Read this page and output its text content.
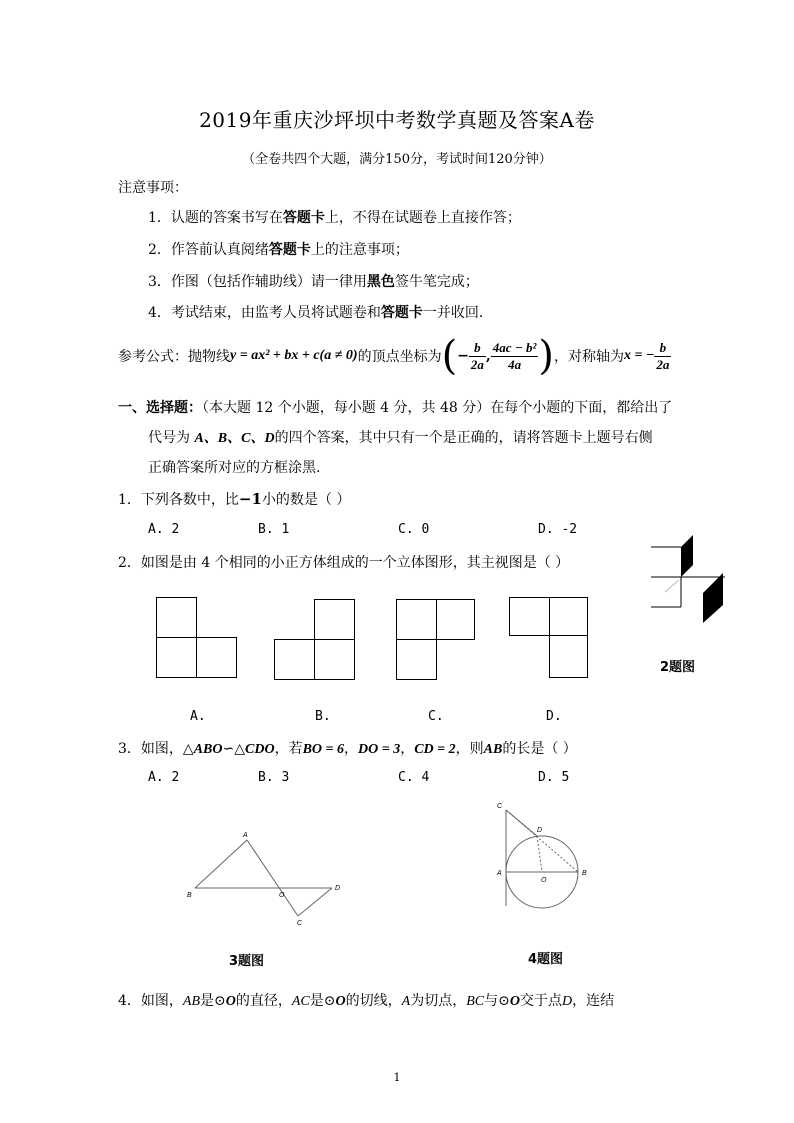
2019年重庆沙坪坝中考数学真题及答案A卷
（全卷共四个大题，满分150分，考试时间120分钟）
注意事项：
1．认题的答案书写在答题卡上，不得在试题卷上直接作答；
2．作答前认真阅绪答题卡上的注意事项；
3．作图（包括作辅助线）请一律用黑色签牛笔完成；
4．考试结束，由监考人员将试题卷和答题卡一并收回.
参考公式：抛物线 y = ax² + bx + c(a ≠ 0) 的顶点坐标为 ( − $\frac{b}{2a}$ , $\frac{\text{4ac − b²}}{4a}$ ) ，对称轴为 x = − $\frac{b}{2a}$
一、选择题：（本大题 12 个小题，每小题 4 分，共 48 分）在每个小题的下面，都给出了
代号为 A、B、C、D的四个答案，其中只有一个是正确的，请将答题卡上题号右侧
正确答案所对应的方框涂黑.
1．下列各数中，比−1小的数是（ ）
A. 2	B. 1	C. 0	D. -2
2．如图是由 4 个相同的小正方体组成的一个立体图形，其主视图是（ ）
2题图
A.	B.	C.	D.
3．如图，△ABO∽△CDO，若BO = 6，DO = 3，CD = 2，则AB的长是（ ）
A. 2	B. 3	C. 4	D. 5
A
B	O
D
C
3题图
C
D
A
O
B
4题图
4．如图，AB是⊙O的直径，AC是⊙O的切线，A为切点，BC与⊙O交于点D，连结
1
